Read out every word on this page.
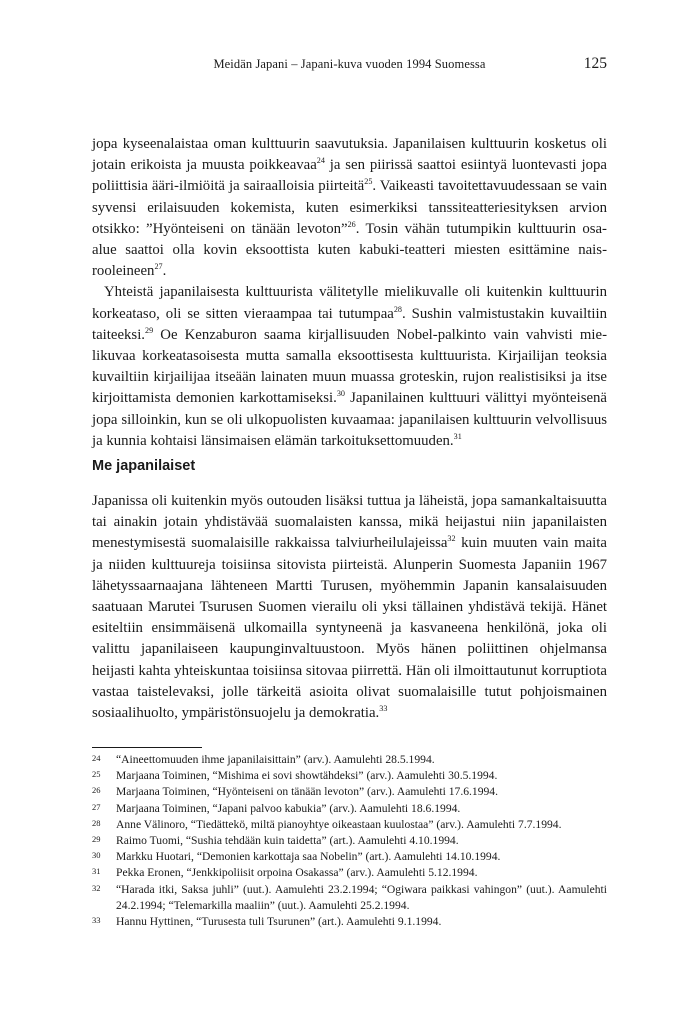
Meidän Japani – Japani-kuva vuoden 1994 Suomessa	125

jopa kyseenalaistaa oman kulttuurin saavutuksia. Japanilaisen kulttuurin kosketus oli jotain erikoista ja muusta poikkeavaa$^{24}$ ja sen piirissä saattoi esiintyä luontevasti jopa poliittisia ääri-ilmiöitä ja sairaalloisia piirteitä$^{25}$. Vaikeasti tavoitettavuudessaan se vain syvensi erilaisuuden kokemista, kuten esimerkiksi tanssiteatteriesityksen arvion otsikko: ”Hyönteiseni on tänään levoton”$^{26}$. Tosin vähän tutumpikin kulttuurin osa-alue saattoi olla kovin eksoottista kuten kabuki-teatteri miesten esittämine naisrooleineen$^{27}$.

Yhteistä japanilaisesta kulttuurista välitetylle mielikuvalle oli kuitenkin kulttuurin korkeataso, oli se sitten vieraampaa tai tutumpaa$^{28}$. Sushin valmistustakin kuvailtiin taiteeksi.$^{29}$ Oe Kenzaburon saama kirjallisuuden Nobel-palkinto vain vahvisti mielikuvaa korkeatasoisesta mutta samalla eksoottisesta kulttuurista. Kirjailijan teoksia kuvailtiin kirjailijaa itseään lainaten muun muassa groteskin, rujon realistisiksi ja itse kirjoittamista demonien karkottamiseksi.$^{30}$ Japanilainen kulttuuri välittyi myönteisenä jopa silloinkin, kun se oli ulkopuolisten kuvaamaa: japanilaisen kulttuurin velvollisuus ja kunnia kohtaisi länsimaisen elämän tarkoituksettomuuden.$^{31}$

Me japanilaiset

Japanissa oli kuitenkin myös outouden lisäksi tuttua ja läheistä, jopa samankaltaisuutta tai ainakin jotain yhdistävää suomalaisten kanssa, mikä heijastui niin japanilaisten menestymisestä suomalaisille rakkaissa talviurheilulajeissa$^{32}$ kuin muuten vain maita ja niiden kulttuureja toisiinsa sitovista piirteistä. Alunperin Suomesta Japaniin 1967 lähetyssaarnaajana lähteneen Martti Turusen, myöhemmin Japanin kansalaisuuden saatuaan Marutei Tsurusen Suomen vierailu oli yksi tällainen yhdistävä tekijä. Hänet esiteltiin ensimmäisenä ulkomailla syntyneenä ja kasvaneena henkilönä, joka oli valittu japanilaiseen kaupunginvaltuustoon. Myös hänen poliittinen ohjelmansa heijasti kahta yhteiskuntaa toisiinsa sitovaa piirrettä. Hän oli ilmoittautunut korruptiota vastaa taistelevaksi, jolle tärkeitä asioita olivat suomalaisille tutut pohjoismainen sosiaalihuolto, ympäristönsuojelu ja demokratia.$^{33}$

24 “Aineettomuuden ihme japanilaisittain” (arv.). Aamulehti 28.5.1994.
25 Marjaana Toiminen, “Mishima ei sovi showtähdeksi” (arv.). Aamulehti 30.5.1994.
26 Marjaana Toiminen, “Hyönteiseni on tänään levoton” (arv.). Aamulehti 17.6.1994.
27 Marjaana Toiminen, “Japani palvoo kabukia” (arv.). Aamulehti 18.6.1994.
28 Anne Välinoro, “Tiedättekö, miltä pianoyhtye oikeastaan kuulostaa” (arv.). Aamulehti 7.7.1994.
29 Raimo Tuomi, “Sushia tehdään kuin taidetta” (art.). Aamulehti 4.10.1994.
30 Markku Huotari, “Demonien karkottaja saa Nobelin” (art.). Aamulehti 14.10.1994.
31 Pekka Eronen, “Jenkkipoliisit orpoina Osakassa” (arv.). Aamulehti 5.12.1994.
32 “Harada itki, Saksa juhli” (uut.). Aamulehti 23.2.1994; “Ogiwara paikkasi vahingon” (uut.). Aamulehti 24.2.1994; “Telemarkilla maaliin” (uut.). Aamulehti 25.2.1994.
33 Hannu Hyttinen, “Turusesta tuli Tsurunen” (art.). Aamulehti 9.1.1994.
